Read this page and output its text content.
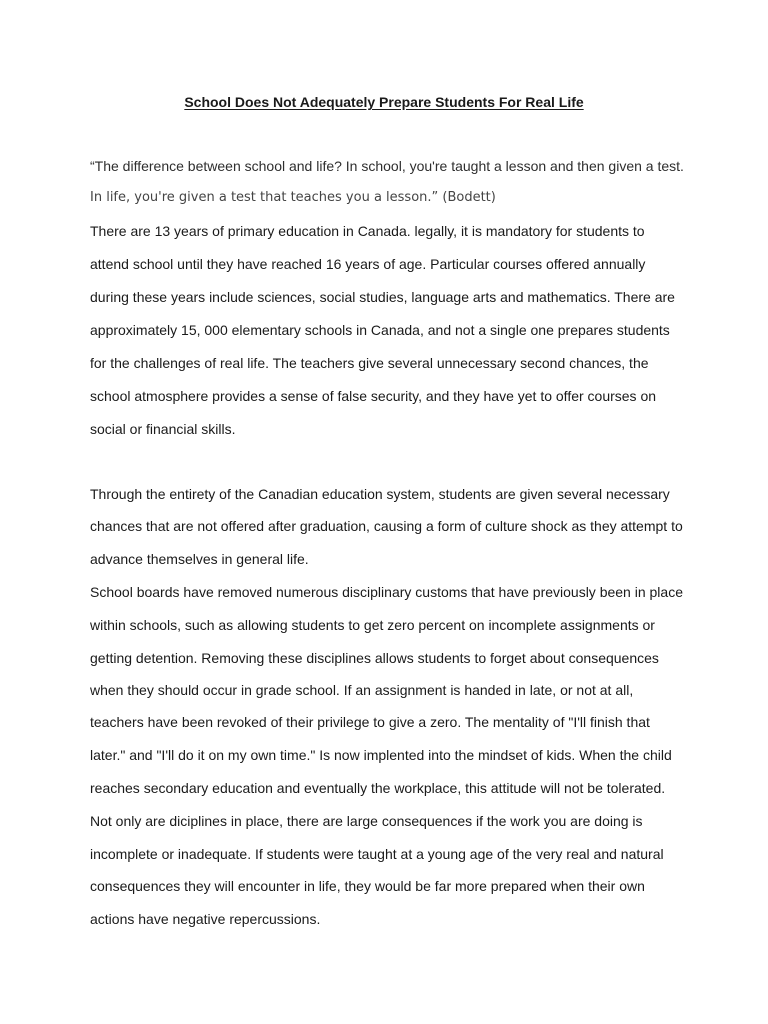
School Does Not Adequately Prepare Students For Real Life
“The difference between school and life? In school, you're taught a lesson and then given a test.
In life, you're given a test that teaches you a lesson.” (Bodett)
There are 13 years of primary education in Canada. legally, it is mandatory for students to
attend school until they have reached 16 years of age. Particular courses offered annually
during these years include sciences, social studies, language arts and mathematics. There are
approximately 15, 000 elementary schools in Canada, and not a single one prepares students
for the challenges of real life. The teachers give several unnecessary second chances, the
school atmosphere provides a sense of false security, and they have yet to offer courses on
social or financial skills.
Through the entirety of the Canadian education system, students are given several necessary
chances that are not offered after graduation, causing a form of culture shock as they attempt to
advance themselves in general life.
School boards have removed numerous disciplinary customs that have previously been in place
within schools, such as allowing students to get zero percent on incomplete assignments or
getting detention. Removing these disciplines allows students to forget about consequences
when they should occur in grade school. If an assignment is handed in late, or not at all,
teachers have been revoked of their privilege to give a zero. The mentality of "I'll finish that
later." and "I'll do it on my own time." Is now implented into the mindset of kids. When the child
reaches secondary education and eventually the workplace, this attitude will not be tolerated.
Not only are diciplines in place, there are large consequences if the work you are doing is
incomplete or inadequate. If students were taught at a young age of the very real and natural
consequences they will encounter in life, they would be far more prepared when their own
actions have negative repercussions.
